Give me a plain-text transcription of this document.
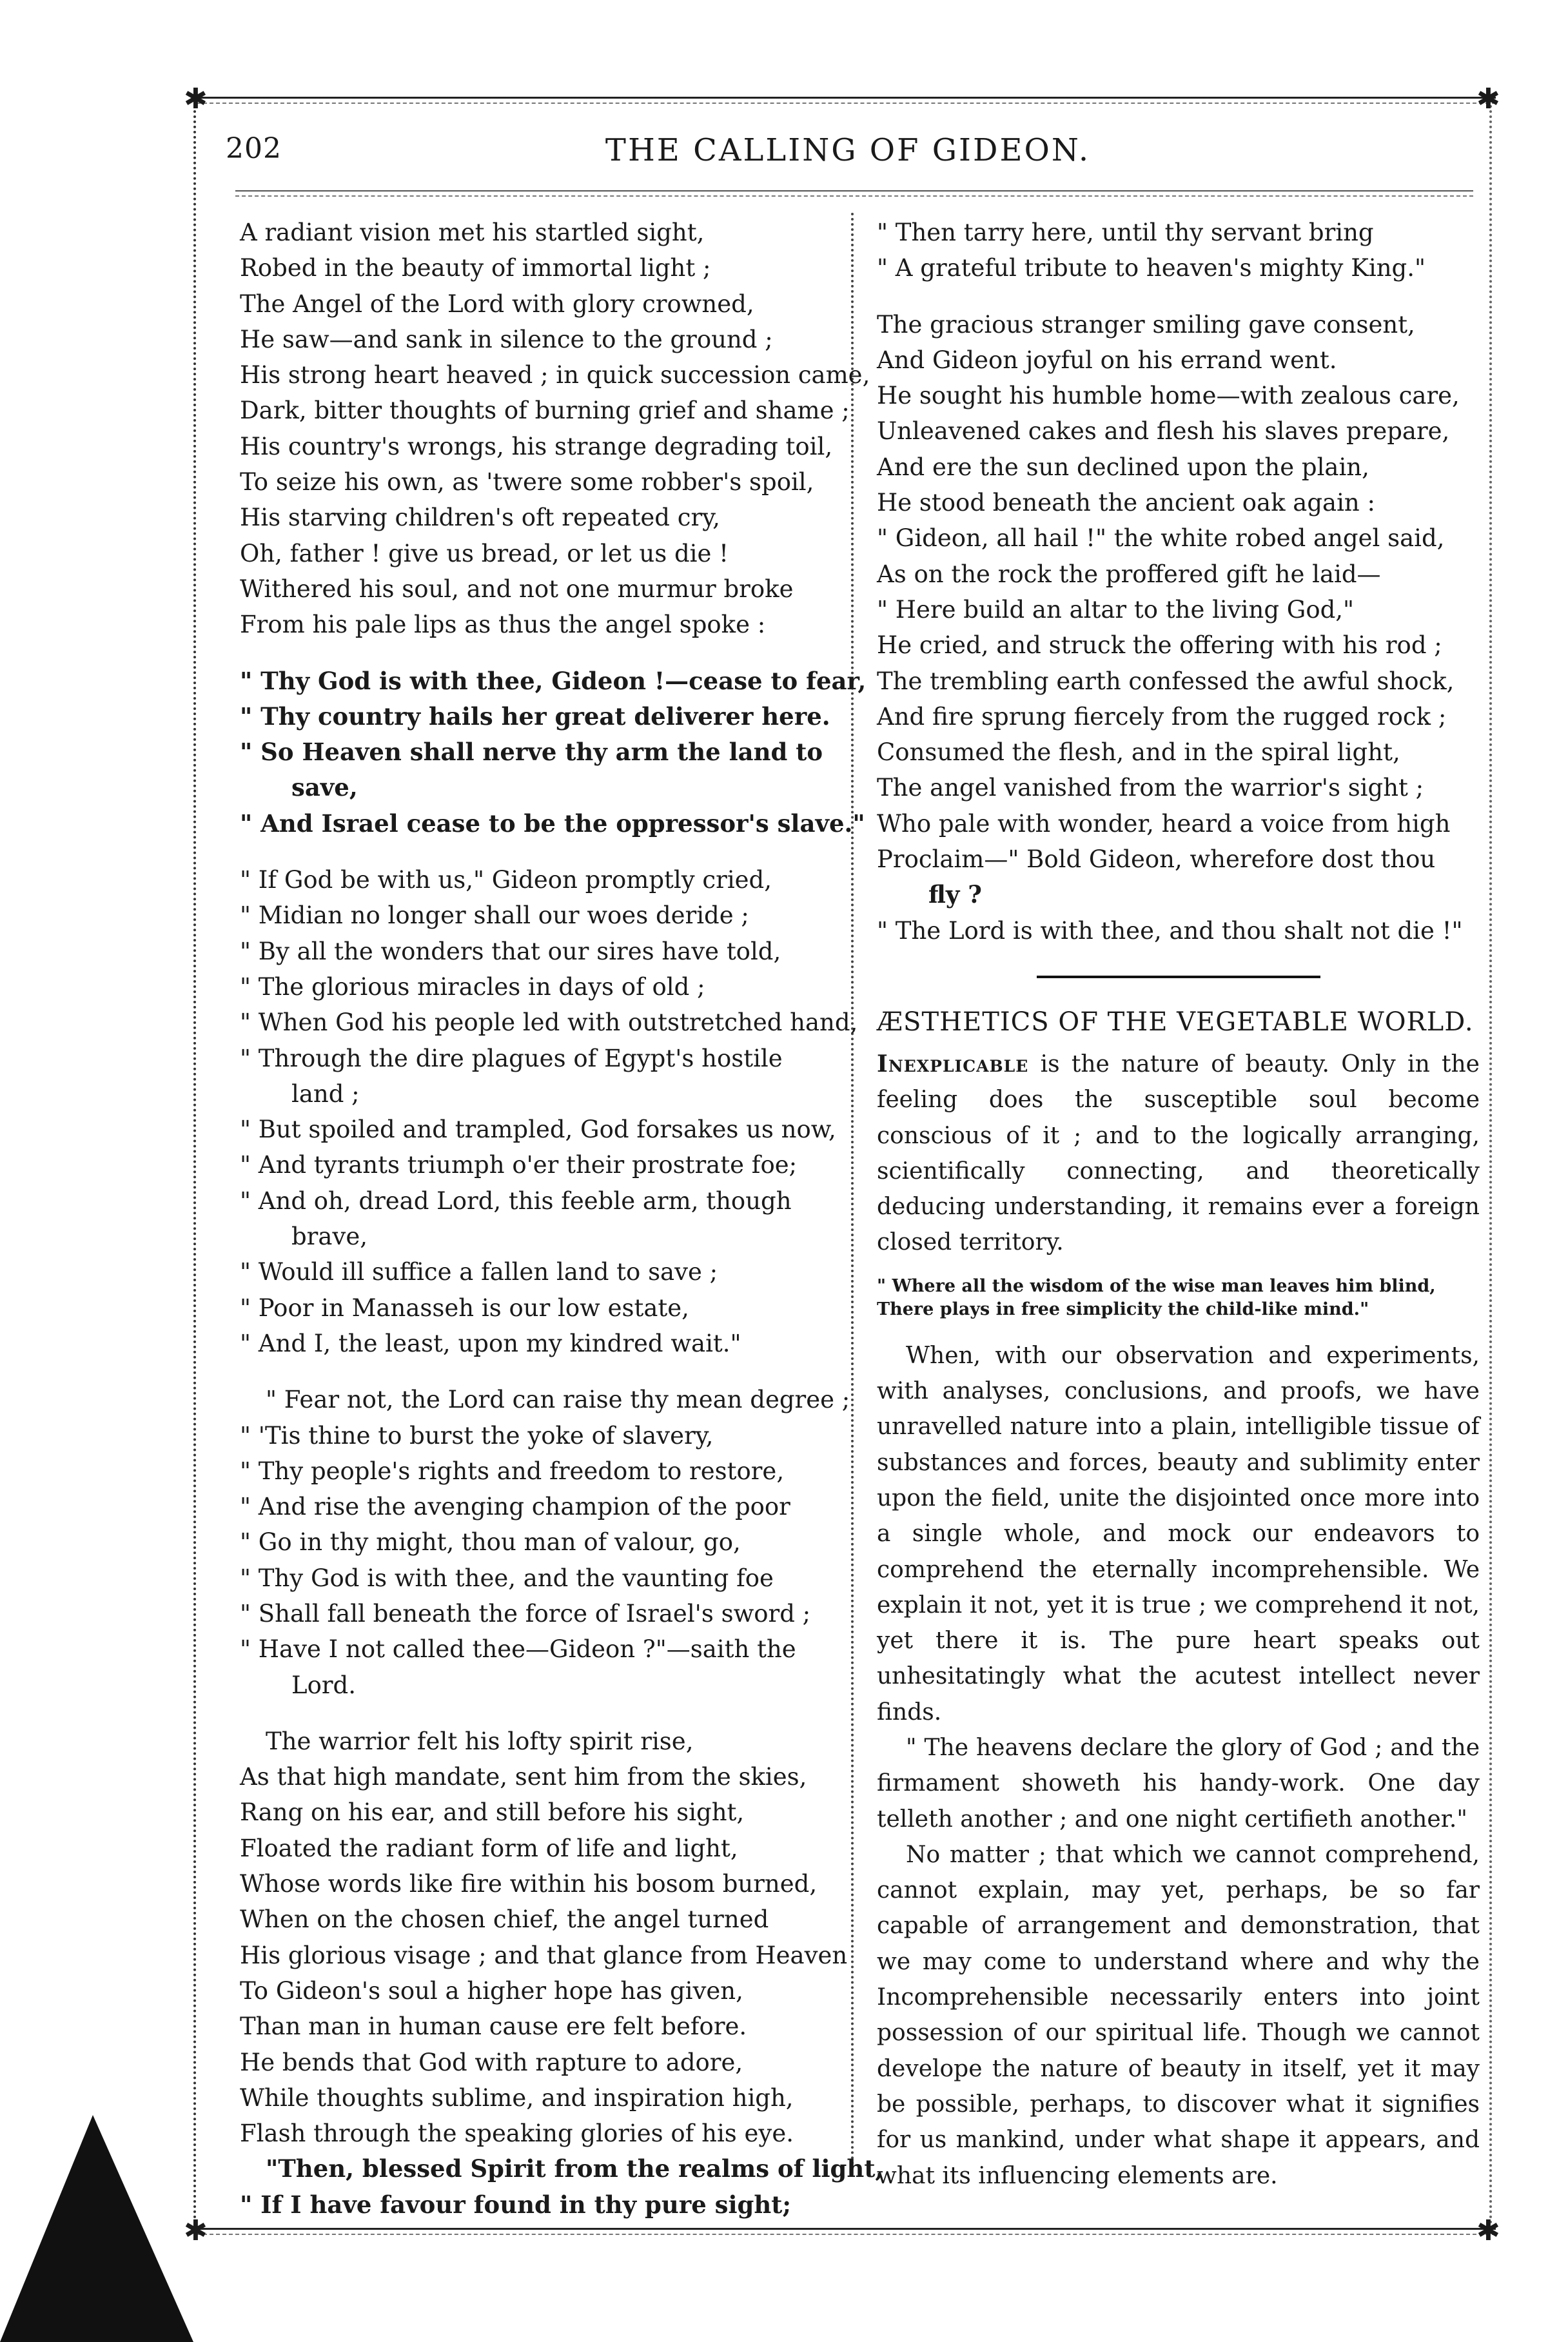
✱	✱
✱	✱
202	THE CALLING OF GIDEON.
A radiant vision met his startled sight,
Robed in the beauty of immortal light ;
The Angel of the Lord with glory crowned,
He saw—and sank in silence to the ground ;
His strong heart heaved ; in quick succession came,
Dark, bitter thoughts of burning grief and shame ;
His country's wrongs, his strange degrading toil,
To seize his own, as 'twere some robber's spoil,
His starving children's oft repeated cry,
Oh, father ! give us bread, or let us die !
Withered his soul, and not one murmur broke
From his pale lips as thus the angel spoke :
" Thy God is with thee, Gideon !—cease to fear,
" Thy country hails her great deliverer here.
" So Heaven shall nerve thy arm the land to
save,
" And Israel cease to be the oppressor's slave."
" If God be with us," Gideon promptly cried,
" Midian no longer shall our woes deride ;
" By all the wonders that our sires have told,
" The glorious miracles in days of old ;
" When God his people led with outstretched hand,
" Through the dire plagues of Egypt's hostile
land ;
" But spoiled and trampled, God forsakes us now,
" And tyrants triumph o'er their prostrate foe;
" And oh, dread Lord, this feeble arm, though
brave,
" Would ill suffice a fallen land to save ;
" Poor in Manasseh is our low estate,
" And I, the least, upon my kindred wait."
" Fear not, the Lord can raise thy mean degree ;
" 'Tis thine to burst the yoke of slavery,
" Thy people's rights and freedom to restore,
" And rise the avenging champion of the poor
" Go in thy might, thou man of valour, go,
" Thy God is with thee, and the vaunting foe
" Shall fall beneath the force of Israel's sword ;
" Have I not called thee—Gideon ?"—saith the
Lord.
The warrior felt his lofty spirit rise,
As that high mandate, sent him from the skies,
Rang on his ear, and still before his sight,
Floated the radiant form of life and light,
Whose words like fire within his bosom burned,
When on the chosen chief, the angel turned
His glorious visage ; and that glance from Heaven
To Gideon's soul a higher hope has given,
Than man in human cause ere felt before.
He bends that God with rapture to adore,
While thoughts sublime, and inspiration high,
Flash through the speaking glories of his eye.
"Then, blessed Spirit from the realms of light,
" If I have favour found in thy pure sight;
" Then tarry here, until thy servant bring
" A grateful tribute to heaven's mighty King."
The gracious stranger smiling gave consent,
And Gideon joyful on his errand went.
He sought his humble home—with zealous care,
Unleavened cakes and flesh his slaves prepare,
And ere the sun declined upon the plain,
He stood beneath the ancient oak again :
" Gideon, all hail !" the white robed angel said,
As on the rock the proffered gift he laid—
" Here build an altar to the living God,"
He cried, and struck the offering with his rod ;
The trembling earth confessed the awful shock,
And fire sprung fiercely from the rugged rock ;
Consumed the flesh, and in the spiral light,
The angel vanished from the warrior's sight ;
Who pale with wonder, heard a voice from high
Proclaim—" Bold Gideon, wherefore dost thou
fly ?
" The Lord is with thee, and thou shalt not die !"
ÆSTHETICS OF THE VEGETABLE WORLD.

Inexplicable is the nature of beauty. Only in the feeling does the susceptible soul become conscious of it ; and to the logically arranging, scientifically connecting, and theoretically deducing understanding, it remains ever a foreign closed territory.

" Where all the wisdom of the wise man leaves him blind, There plays in free simplicity the child-like mind."

When, with our observation and experiments, with analyses, conclusions, and proofs, we have unravelled nature into a plain, intelligible tissue of substances and forces, beauty and sublimity enter upon the field, unite the disjointed once more into a single whole, and mock our endeavors to comprehend the eternally incomprehensible. We explain it not, yet it is true ; we comprehend it not, yet there it is. The pure heart speaks out unhesitatingly what the acutest intellect never finds.

" The heavens declare the glory of God ; and the firmament showeth his handy-work. One day telleth another ; and one night certifieth another."

No matter ; that which we cannot comprehend, cannot explain, may yet, perhaps, be so far capable of arrangement and demonstration, that we may come to understand where and why the Incomprehensible necessarily enters into joint possession of our spiritual life. Though we cannot develope the nature of beauty in itself, yet it may be possible, perhaps, to discover what it signifies for us mankind, under what shape it appears, and what its influencing elements are.
